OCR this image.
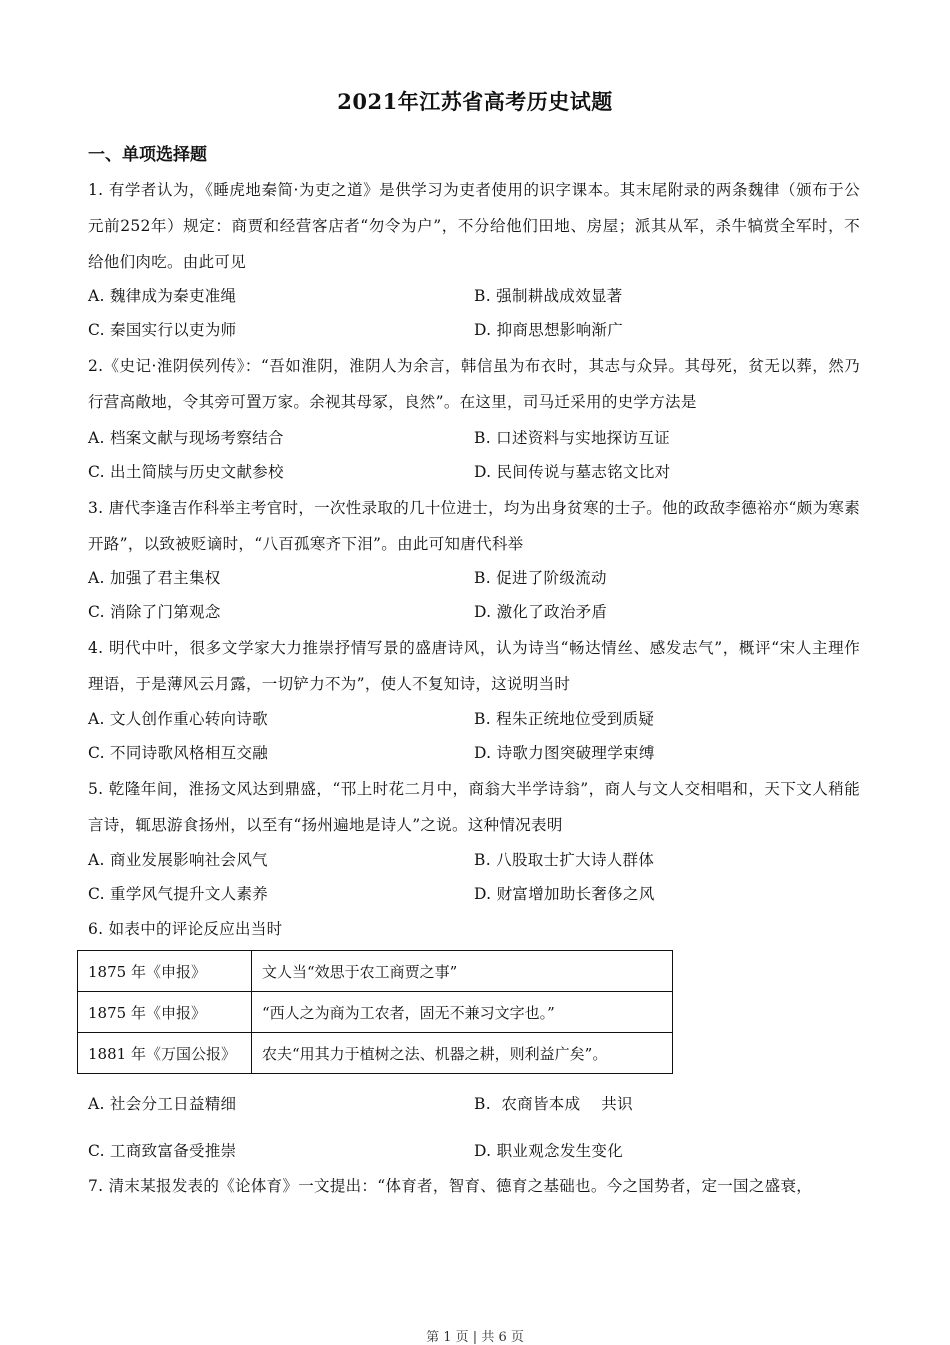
2021年江苏省高考历史试题
一、单项选择题
1. 有学者认为，《睡虎地秦简·为吏之道》是供学习为吏者使用的识字课本。其末尾附录的两条魏律（颁布于公元前252年）规定：商贾和经营客店者“勿令为户”，不分给他们田地、房屋；派其从军，杀牛犒赏全军时，不给他们肉吃。由此可见
A. 魏律成为秦吏准绳	B. 强制耕战成效显著
C. 秦国实行以吏为师	D. 抑商思想影响渐广
2.《史记·淮阴侯列传》：“吾如淮阴，淮阴人为余言，韩信虽为布衣时，其志与众异。其母死，贫无以葬，然乃行营高敞地，令其旁可置万家。余视其母冢，良然”。在这里，司马迁采用的史学方法是
A. 档案文献与现场考察结合	B. 口述资料与实地探访互证
C. 出土简牍与历史文献参校	D. 民间传说与墓志铭文比对
3. 唐代李逢吉作科举主考官时，一次性录取的几十位进士，均为出身贫寒的士子。他的政敌李德裕亦“颇为寒素开路”，以致被贬谪时，“八百孤寒齐下泪”。由此可知唐代科举
A. 加强了君主集权	B. 促进了阶级流动
C. 消除了门第观念	D. 激化了政治矛盾
4. 明代中叶，很多文学家大力推崇抒情写景的盛唐诗风，认为诗当“畅达情丝、感发志气”，概评“宋人主理作理语，于是薄风云月露，一切铲力不为”，使人不复知诗，这说明当时
A. 文人创作重心转向诗歌	B. 程朱正统地位受到质疑
C. 不同诗歌风格相互交融	D. 诗歌力图突破理学束缚
5. 乾隆年间，淮扬文风达到鼎盛，“邗上时花二月中，商翁大半学诗翁”，商人与文人交相唱和，天下文人稍能言诗，辄思游食扬州，以至有“扬州遍地是诗人”之说。这种情况表明
A. 商业发展影响社会风气	B. 八股取士扩大诗人群体
C. 重学风气提升文人素养	D. 财富增加助长奢侈之风
6. 如表中的评论反应出当时
1875 年《申报》	文人当“效思于农工商贾之事”
1875 年《申报》	“西人之为商为工农者，固无不兼习文字也。”
1881 年《万国公报》	农夫“用其力于植树之法、机器之耕，则利益广矣”。
A. 社会分工日益精细	B.  农商皆本成    共识
C. 工商致富备受推崇	D. 职业观念发生变化
7. 清末某报发表的《论体育》一文提出：“体育者，智育、德育之基础也。今之国势者，定一国之盛衰，
第 1 页 | 共 6 页
